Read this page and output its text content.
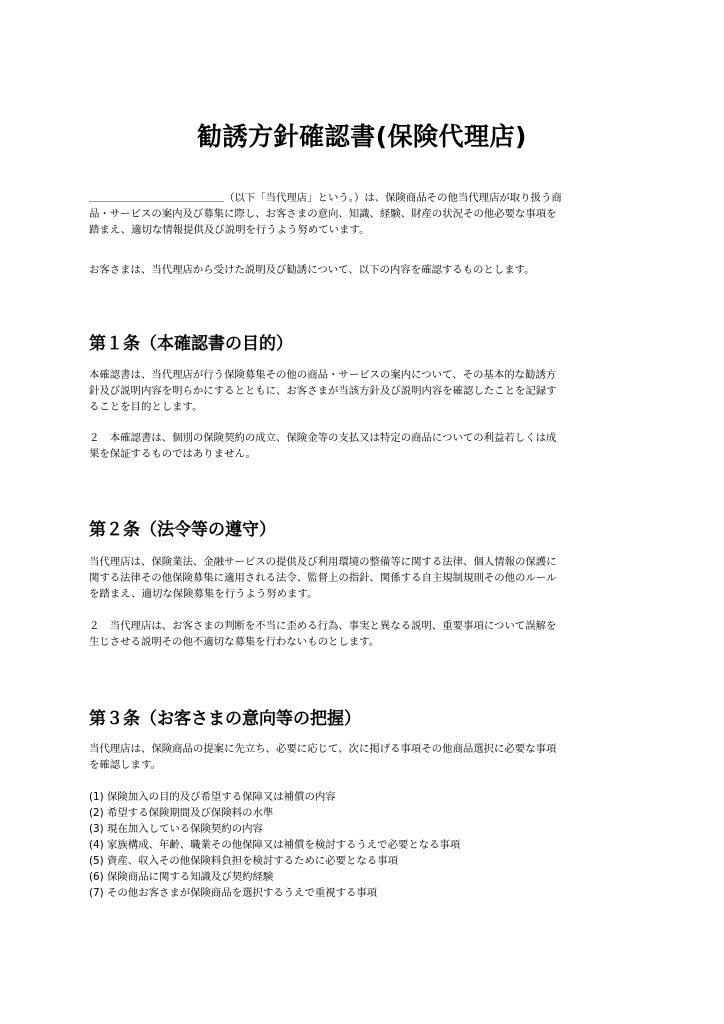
勧誘方針確認書(保険代理店)
＿＿＿＿＿＿＿＿＿＿＿＿＿（以下「当代理店」という。）は、保険商品その他当代理店が取り扱う商
品・サービスの案内及び募集に際し、お客さまの意向、知識、経験、財産の状況その他必要な事項を
踏まえ、適切な情報提供及び説明を行うよう努めています。
お客さまは、当代理店から受けた説明及び勧誘について、以下の内容を確認するものとします。
第１条（本確認書の目的）
本確認書は、当代理店が行う保険募集その他の商品・サービスの案内について、その基本的な勧誘方
針及び説明内容を明らかにするとともに、お客さまが当該方針及び説明内容を確認したことを記録す
ることを目的とします。
２　本確認書は、個別の保険契約の成立、保険金等の支払又は特定の商品についての利益若しくは成
果を保証するものではありません。
第２条（法令等の遵守）
当代理店は、保険業法、金融サービスの提供及び利用環境の整備等に関する法律、個人情報の保護に
関する法律その他保険募集に適用される法令、監督上の指針、関係する自主規制規則その他のルール
を踏まえ、適切な保険募集を行うよう努めます。
２　当代理店は、お客さまの判断を不当に歪める行為、事実と異なる説明、重要事項について誤解を
生じさせる説明その他不適切な募集を行わないものとします。
第３条（お客さまの意向等の把握）
当代理店は、保険商品の提案に先立ち、必要に応じて、次に掲げる事項その他商品選択に必要な事項
を確認します。
(1) 保険加入の目的及び希望する保障又は補償の内容
(2) 希望する保険期間及び保険料の水準
(3) 現在加入している保険契約の内容
(4) 家族構成、年齢、職業その他保障又は補償を検討するうえで必要となる事項
(5) 資産、収入その他保険料負担を検討するために必要となる事項
(6) 保険商品に関する知識及び契約経験
(7) その他お客さまが保険商品を選択するうえで重視する事項
